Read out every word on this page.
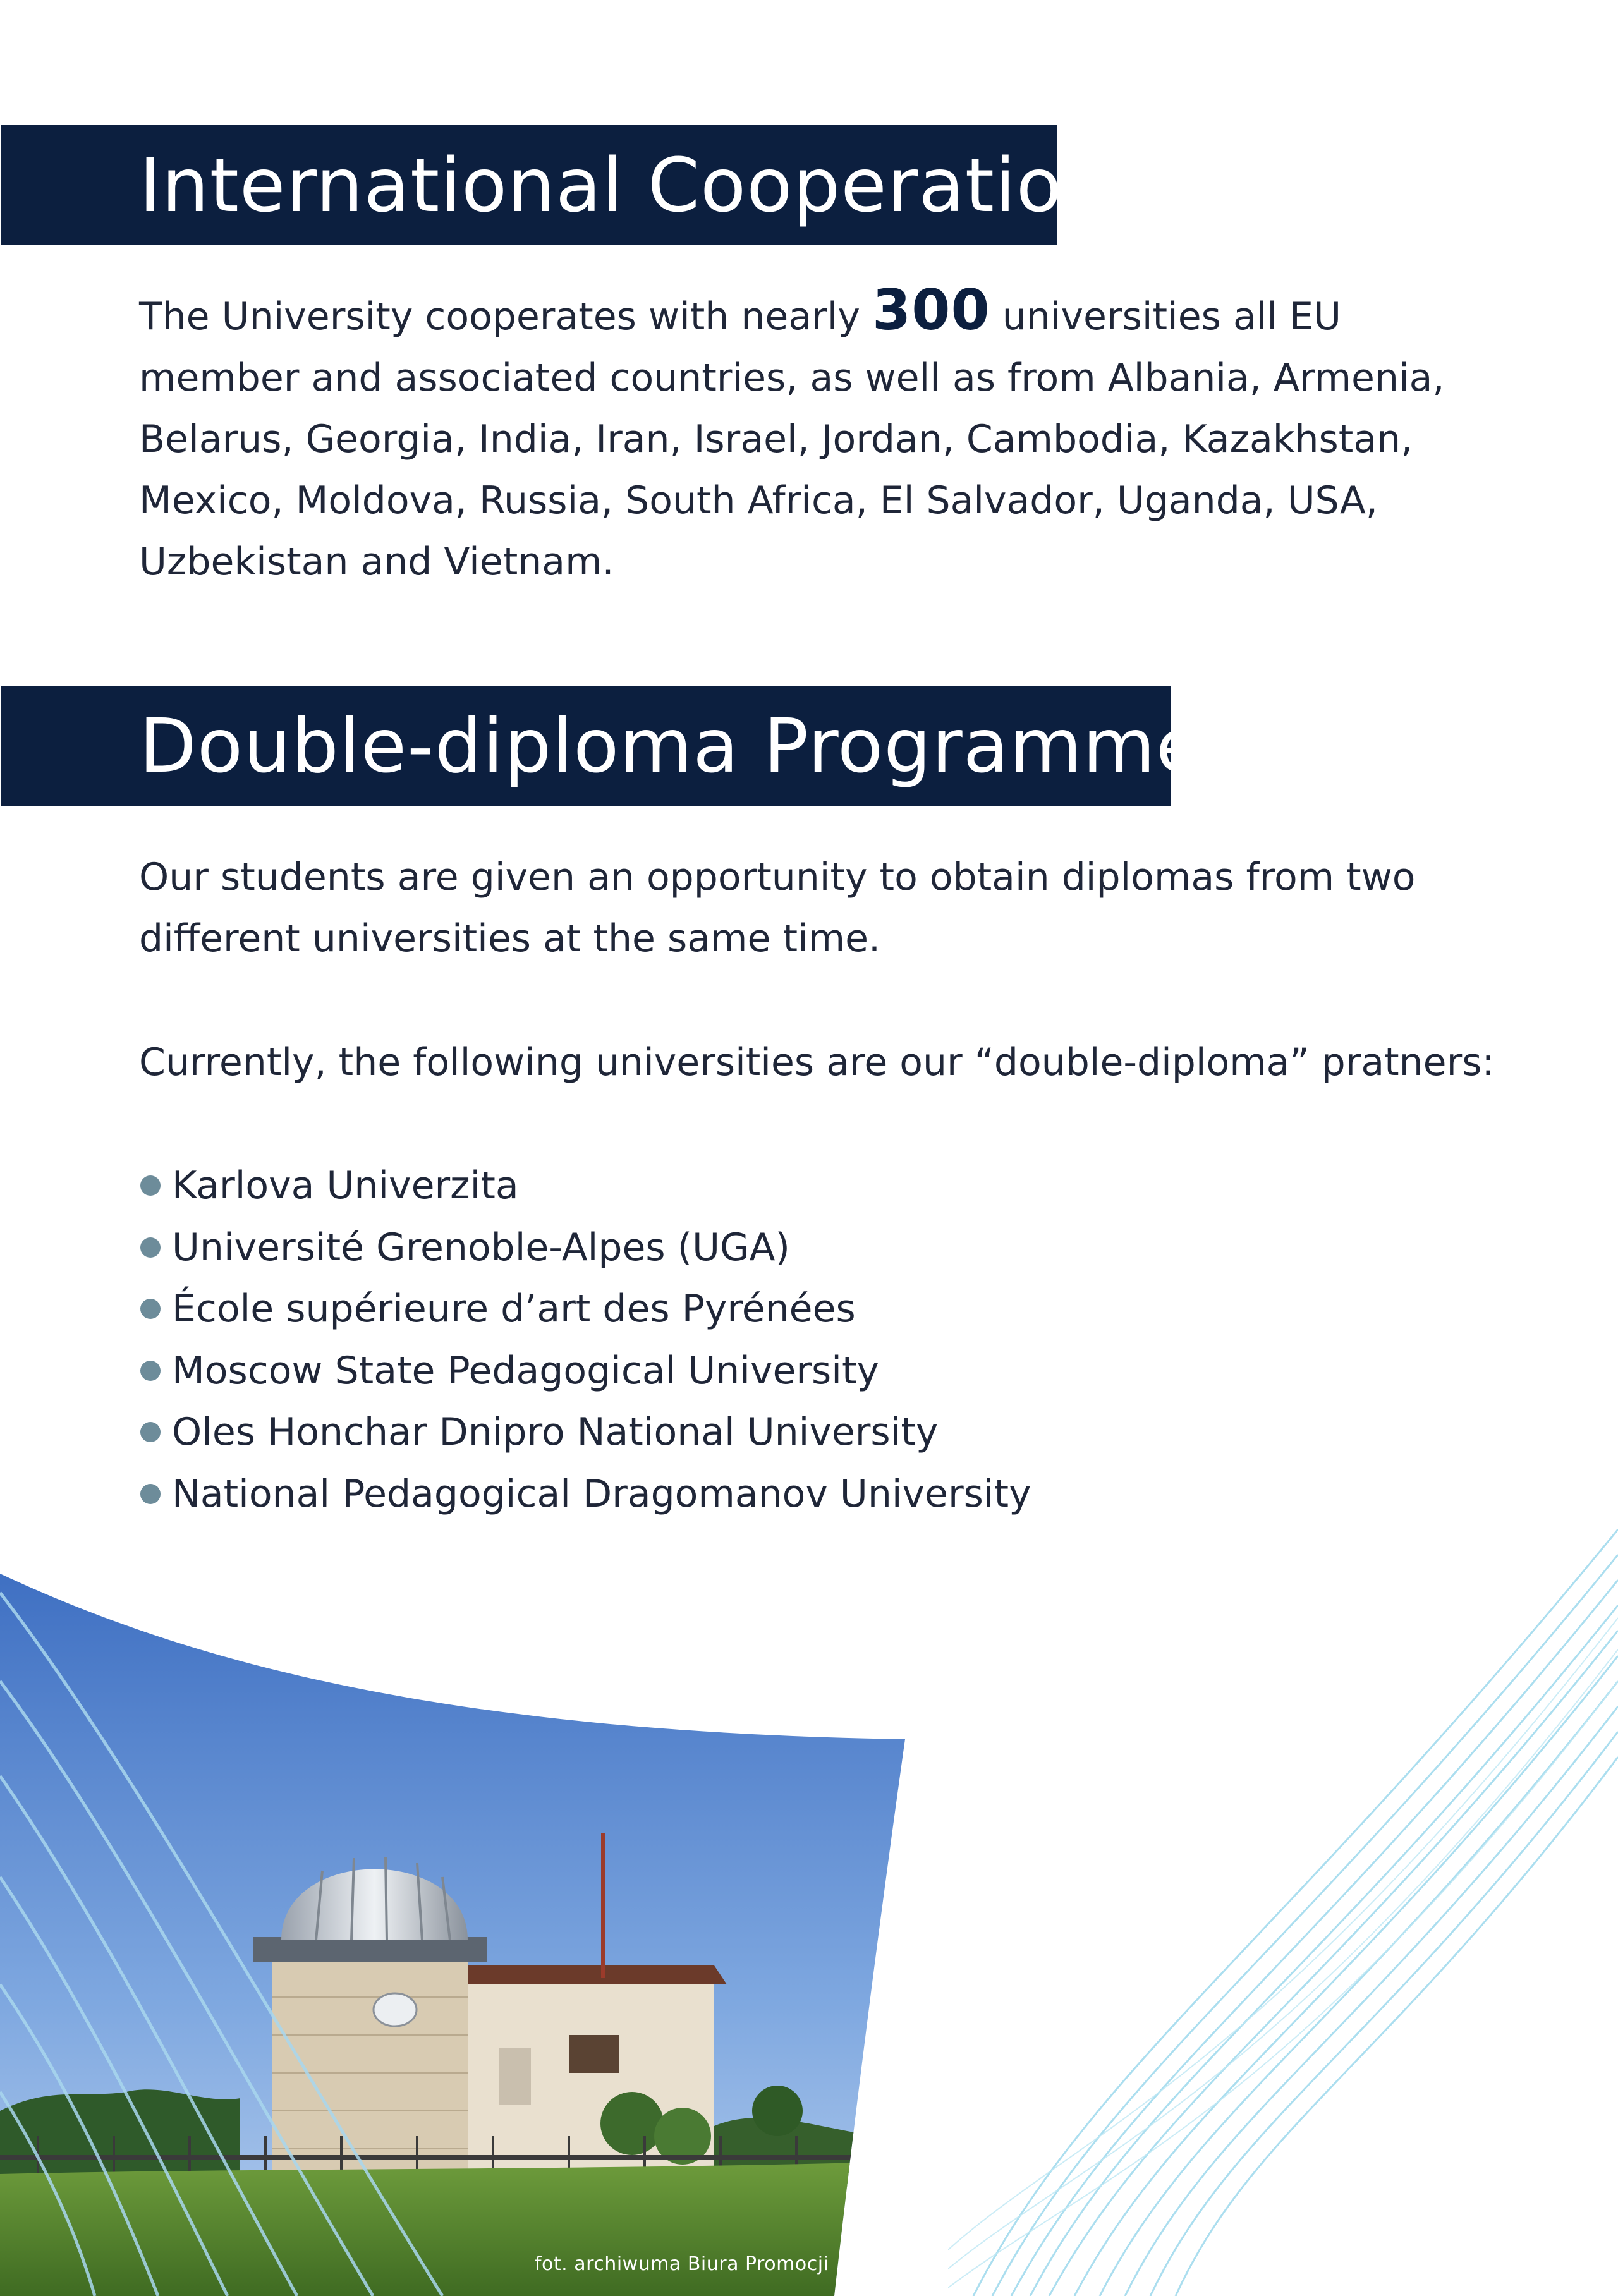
International Cooperation

The University cooperates with nearly 300 universities all EU member and associated countries, as well as from Albania, Armenia, Belarus, Georgia, India, Iran, Israel, Jordan, Cambodia, Kazakhstan, Mexico, Moldova, Russia, South Africa, El Salvador, Uganda, USA, Uzbekistan and Vietnam.

Double-diploma Programmes

Our students are given an opportunity to obtain diplomas from two different universities at the same time.

Currently, the following universities are our “double-diploma” pratners:

Karlova Univerzita
Université Grenoble-Alpes (UGA)
École supérieure d’art des Pyrénées
Moscow State Pedagogical University
Oles Honchar Dnipro National University
National Pedagogical Dragomanov University
fot. archiwuma Biura Promocji
